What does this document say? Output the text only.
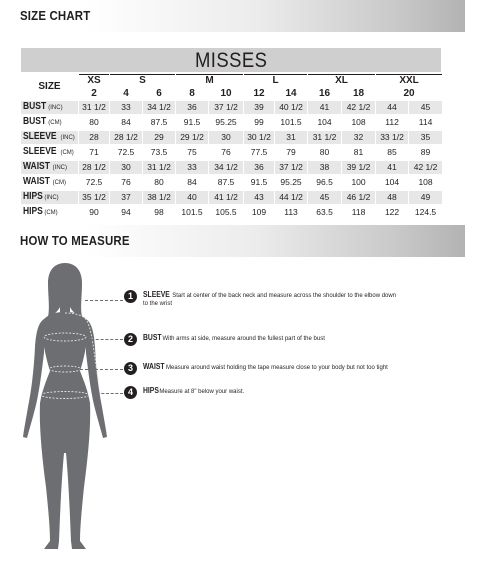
SIZE CHART
MISSES
SIZE	XS	S		M		L		XL		XXL	
	2	4	6	8	10	12	14	16	18	20	
BUST (INC)	31 1/2	33	34 1/2	36	37 1/2	39	40 1/2	41	42 1/2	44	45
BUST (CM)	80	84	87.5	91.5	95.25	99	101.5	104	108	112	114
SLEEVE (INC)	28	28 1/2	29	29 1/2	30	30 1/2	31	31 1/2	32	33 1/2	35
SLEEVE (CM)	71	72.5	73.5	75	76	77.5	79	80	81	85	89
WAIST (INC)	28 1/2	30	31 1/2	33	34 1/2	36	37 1/2	38	39 1/2	41	42 1/2
WAIST (CM)	72.5	76	80	84	87.5	91.5	95.25	96.5	100	104	108
HIPS (INC)	35 1/2	37	38 1/2	40	41 1/2	43	44 1/2	45	46 1/2	48	49
HIPS (CM)	90	94	98	101.5	105.5	109	113	63.5	118	122	124.5
HOW TO MEASURE
1	SLEEVE Start at center of the back neck and measure across the shoulder to the elbow down to the wrist
2	BUST With arms at side, measure around the fullest part of the bust
3	WAIST Measure around waist holding the tape measure close to your body but not too tight
4	HIPS Measure at 8" below your waist.
